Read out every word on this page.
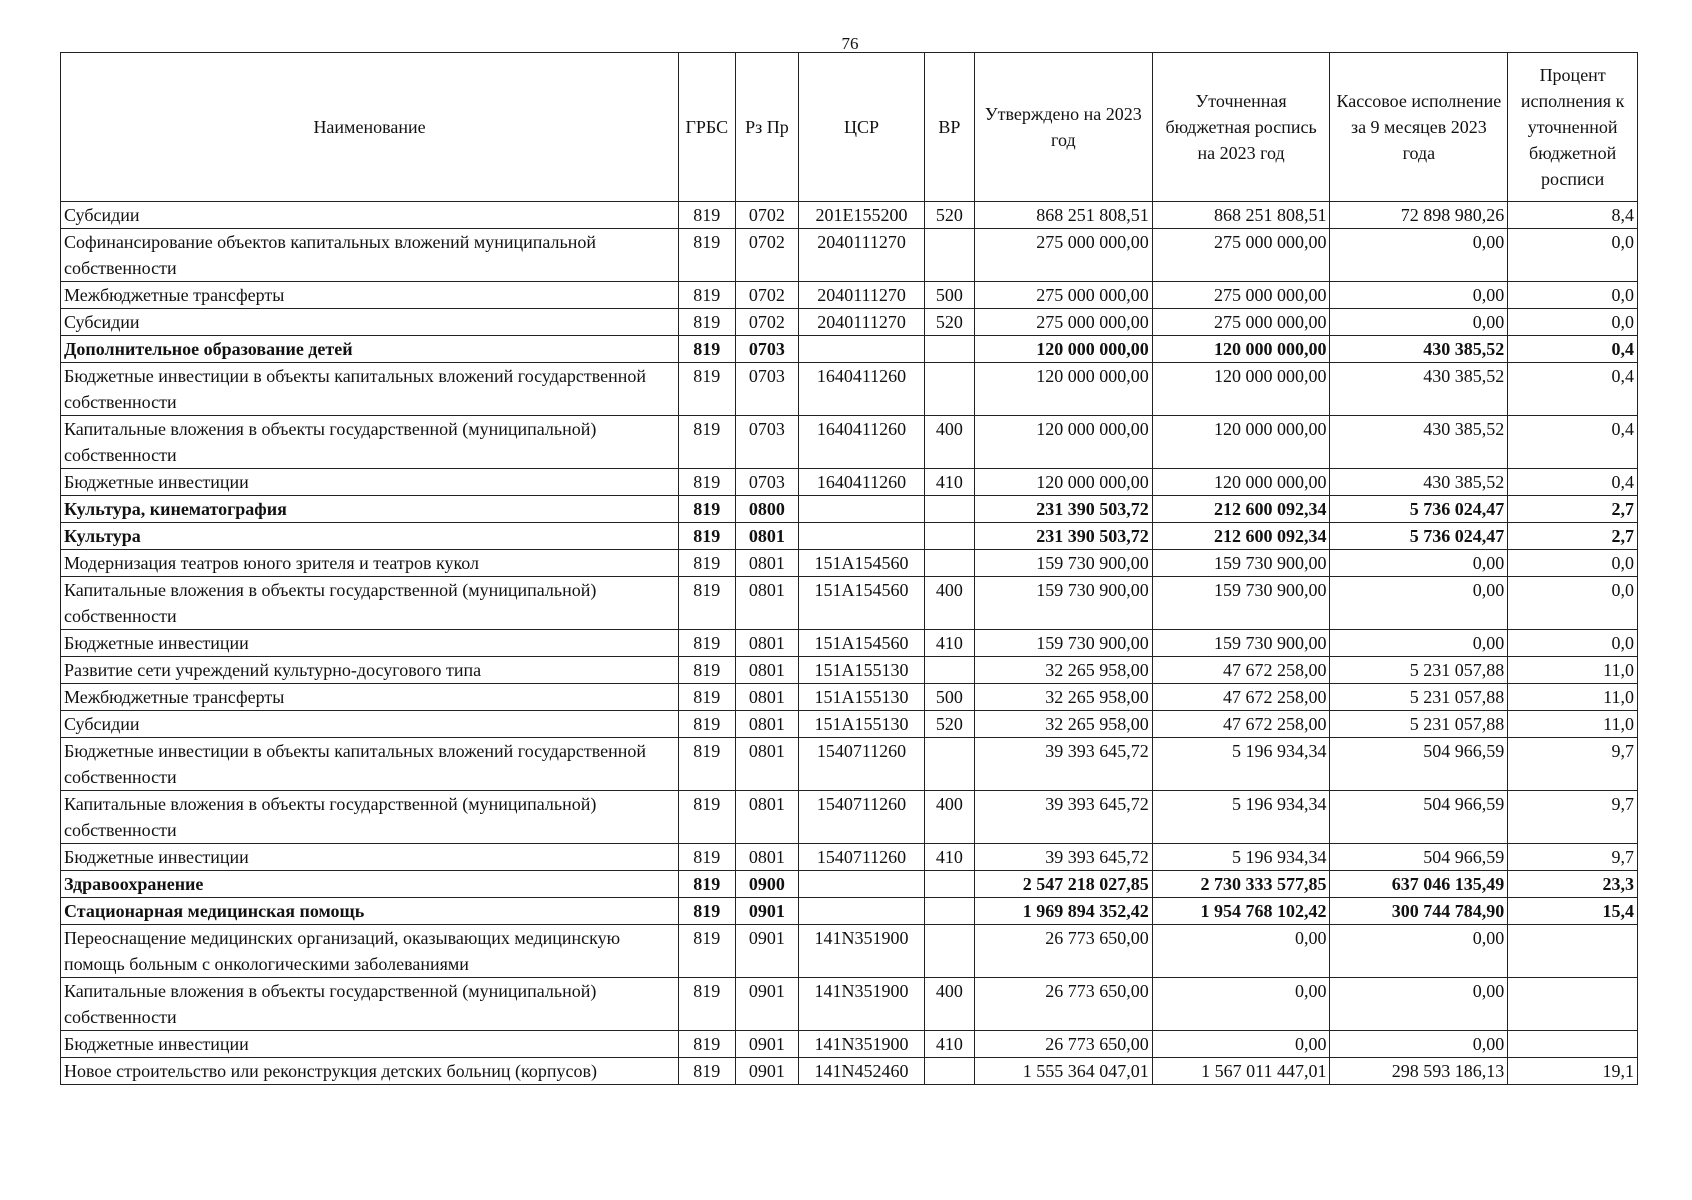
76
Наименование	ГРБС	Рз Пр	ЦСР	ВР	Утверждено на 2023 год	Уточненная бюджетная роспись на 2023 год	Кассовое исполнение за 9 месяцев 2023 года	Процент исполнения к уточненной бюджетной росписи
Субсидии	819	0702	201E155200	520	868 251 808,51	868 251 808,51	72 898 980,26	8,4
Софинансирование объектов капитальных вложений муниципальной собственности	819	0702	2040111270		275 000 000,00	275 000 000,00	0,00	0,0
Межбюджетные трансферты	819	0702	2040111270	500	275 000 000,00	275 000 000,00	0,00	0,0
Субсидии	819	0702	2040111270	520	275 000 000,00	275 000 000,00	0,00	0,0
Дополнительное образование детей	819	0703			120 000 000,00	120 000 000,00	430 385,52	0,4
Бюджетные инвестиции в объекты капитальных вложений государственной собственности	819	0703	1640411260		120 000 000,00	120 000 000,00	430 385,52	0,4
Капитальные вложения в объекты государственной (муниципальной) собственности	819	0703	1640411260	400	120 000 000,00	120 000 000,00	430 385,52	0,4
Бюджетные инвестиции	819	0703	1640411260	410	120 000 000,00	120 000 000,00	430 385,52	0,4
Культура, кинематография	819	0800			231 390 503,72	212 600 092,34	5 736 024,47	2,7
Культура	819	0801			231 390 503,72	212 600 092,34	5 736 024,47	2,7
Модернизация театров юного зрителя и театров кукол	819	0801	151A154560		159 730 900,00	159 730 900,00	0,00	0,0
Капитальные вложения в объекты государственной (муниципальной) собственности	819	0801	151A154560	400	159 730 900,00	159 730 900,00	0,00	0,0
Бюджетные инвестиции	819	0801	151A154560	410	159 730 900,00	159 730 900,00	0,00	0,0
Развитие сети учреждений культурно-досугового типа	819	0801	151A155130		32 265 958,00	47 672 258,00	5 231 057,88	11,0
Межбюджетные трансферты	819	0801	151A155130	500	32 265 958,00	47 672 258,00	5 231 057,88	11,0
Субсидии	819	0801	151A155130	520	32 265 958,00	47 672 258,00	5 231 057,88	11,0
Бюджетные инвестиции в объекты капитальных вложений государственной собственности	819	0801	1540711260		39 393 645,72	5 196 934,34	504 966,59	9,7
Капитальные вложения в объекты государственной (муниципальной) собственности	819	0801	1540711260	400	39 393 645,72	5 196 934,34	504 966,59	9,7
Бюджетные инвестиции	819	0801	1540711260	410	39 393 645,72	5 196 934,34	504 966,59	9,7
Здравоохранение	819	0900			2 547 218 027,85	2 730 333 577,85	637 046 135,49	23,3
Стационарная медицинская помощь	819	0901			1 969 894 352,42	1 954 768 102,42	300 744 784,90	15,4
Переоснащение медицинских организаций, оказывающих медицинскую помощь больным с онкологическими заболеваниями	819	0901	141N351900		26 773 650,00	0,00	0,00	
Капитальные вложения в объекты государственной (муниципальной) собственности	819	0901	141N351900	400	26 773 650,00	0,00	0,00	
Бюджетные инвестиции	819	0901	141N351900	410	26 773 650,00	0,00	0,00	
Новое строительство или реконструкция детских больниц (корпусов)	819	0901	141N452460		1 555 364 047,01	1 567 011 447,01	298 593 186,13	19,1
